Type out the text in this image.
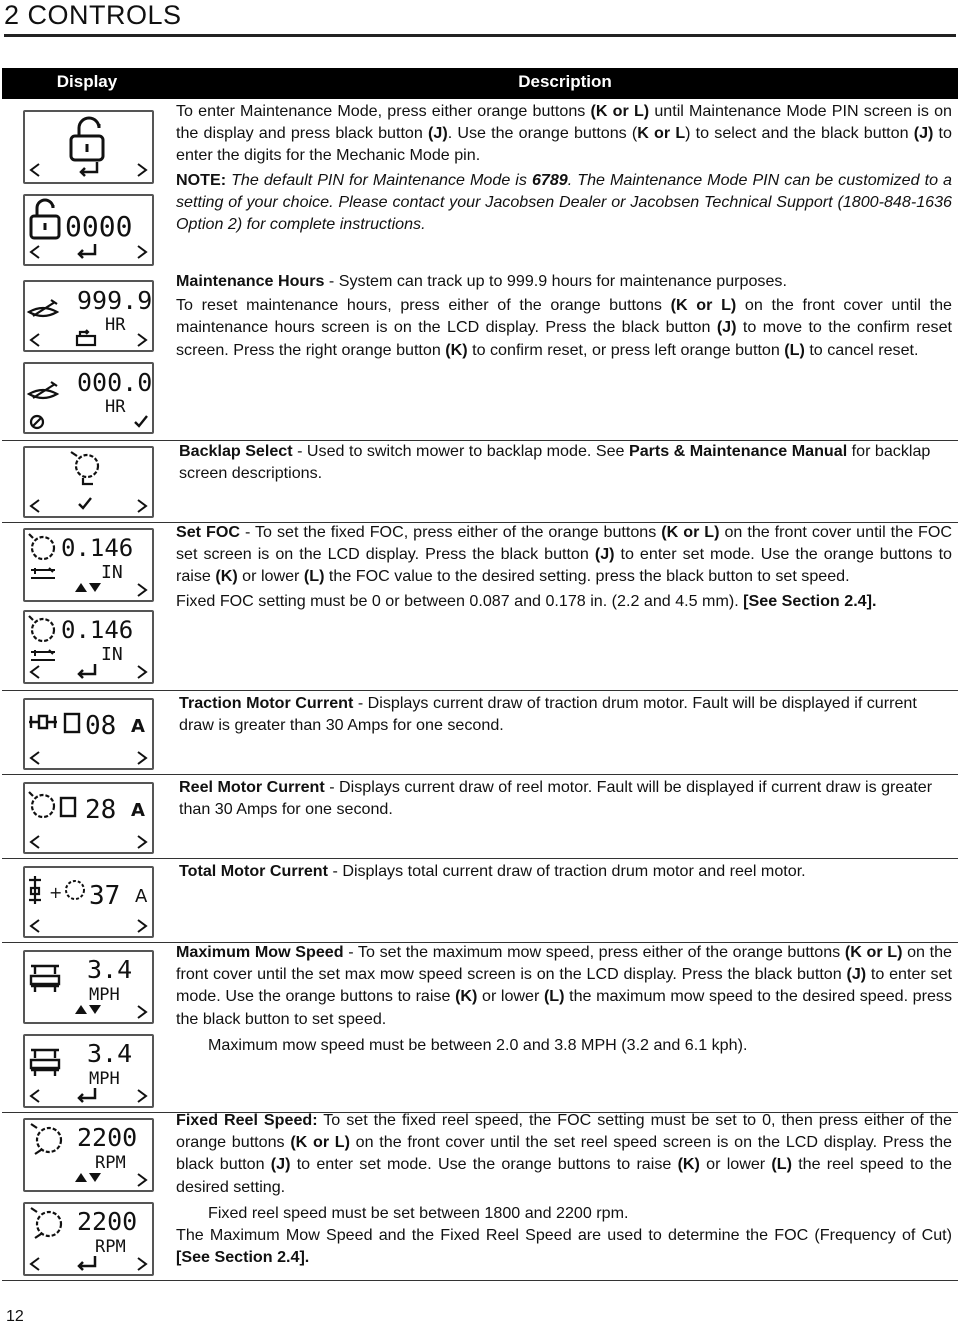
2 CONTROLS
Display	Description
0000
999.9
HR
000.0
HR
0.146
IN
0.146
IN
08 A
28 A
+ 37 A
3.4
MPH
3.4
MPH
2200
RPM
2200
RPM

To enter Maintenance Mode, press either orange buttons (K or L) until Maintenance Mode PIN screen is on the display and press black button (J). Use the orange buttons (K or L) to select and the black button (J) to enter the digits for the Mechanic Mode pin.

NOTE: The default PIN for Maintenance Mode is 6789. The Maintenance Mode PIN can be customized to a setting of your choice. Please contact your Jacobsen Dealer or Jacobsen Technical Support (1800-848-1636 Option 2) for complete instructions.

Maintenance Hours - System can track up to 999.9 hours for maintenance purposes.

To reset maintenance hours, press either of the orange buttons (K or L) on the front cover until the maintenance hours screen is on the LCD display. Press the black button (J) to move to the confirm reset screen. Press the right orange button (K) to confirm reset, or press left orange button (L) to cancel reset.

Backlap Select - Used to switch mower to backlap mode. See Parts & Maintenance Manual for backlap screen descriptions.

Set FOC - To set the fixed FOC, press either of the orange buttons (K or L) on the front cover until the FOC set screen is on the LCD display. Press the black button (J) to enter set mode. Use the orange buttons to raise (K) or lower (L) the FOC value to the desired setting. press the black button to set speed.

Fixed FOC setting must be 0 or between 0.087 and 0.178 in. (2.2 and 4.5 mm). [See Section 2.4].

Traction Motor Current - Displays current draw of traction drum motor. Fault will be displayed if current draw is greater than 30 Amps for one second.

Reel Motor Current - Displays current draw of reel motor. Fault will be displayed if current draw is greater than 30 Amps for one second.

Total Motor Current - Displays total current draw of traction drum motor and reel motor.

Maximum Mow Speed - To set the maximum mow speed, press either of the orange buttons (K or L) on the front cover until the set max mow speed screen is on the LCD display. Press the black button (J) to enter set mode. Use the orange buttons to raise (K) or lower (L) the maximum mow speed to the desired speed. press the black button to set speed.

Maximum mow speed must be between 2.0 and 3.8 MPH (3.2 and 6.1 kph).

Fixed Reel Speed: To set the fixed reel speed, the FOC setting must be set to 0, then press either of the orange buttons (K or L) on the front cover until the set reel speed screen is on the LCD display. Press the black button (J) to enter set mode. Use the orange buttons to raise (K) or lower (L) the reel speed to the desired setting.

Fixed reel speed must be set between 1800 and 2200 rpm.

The Maximum Mow Speed and the Fixed Reel Speed are used to determine the FOC (Frequency of Cut) [See Section 2.4].

12
